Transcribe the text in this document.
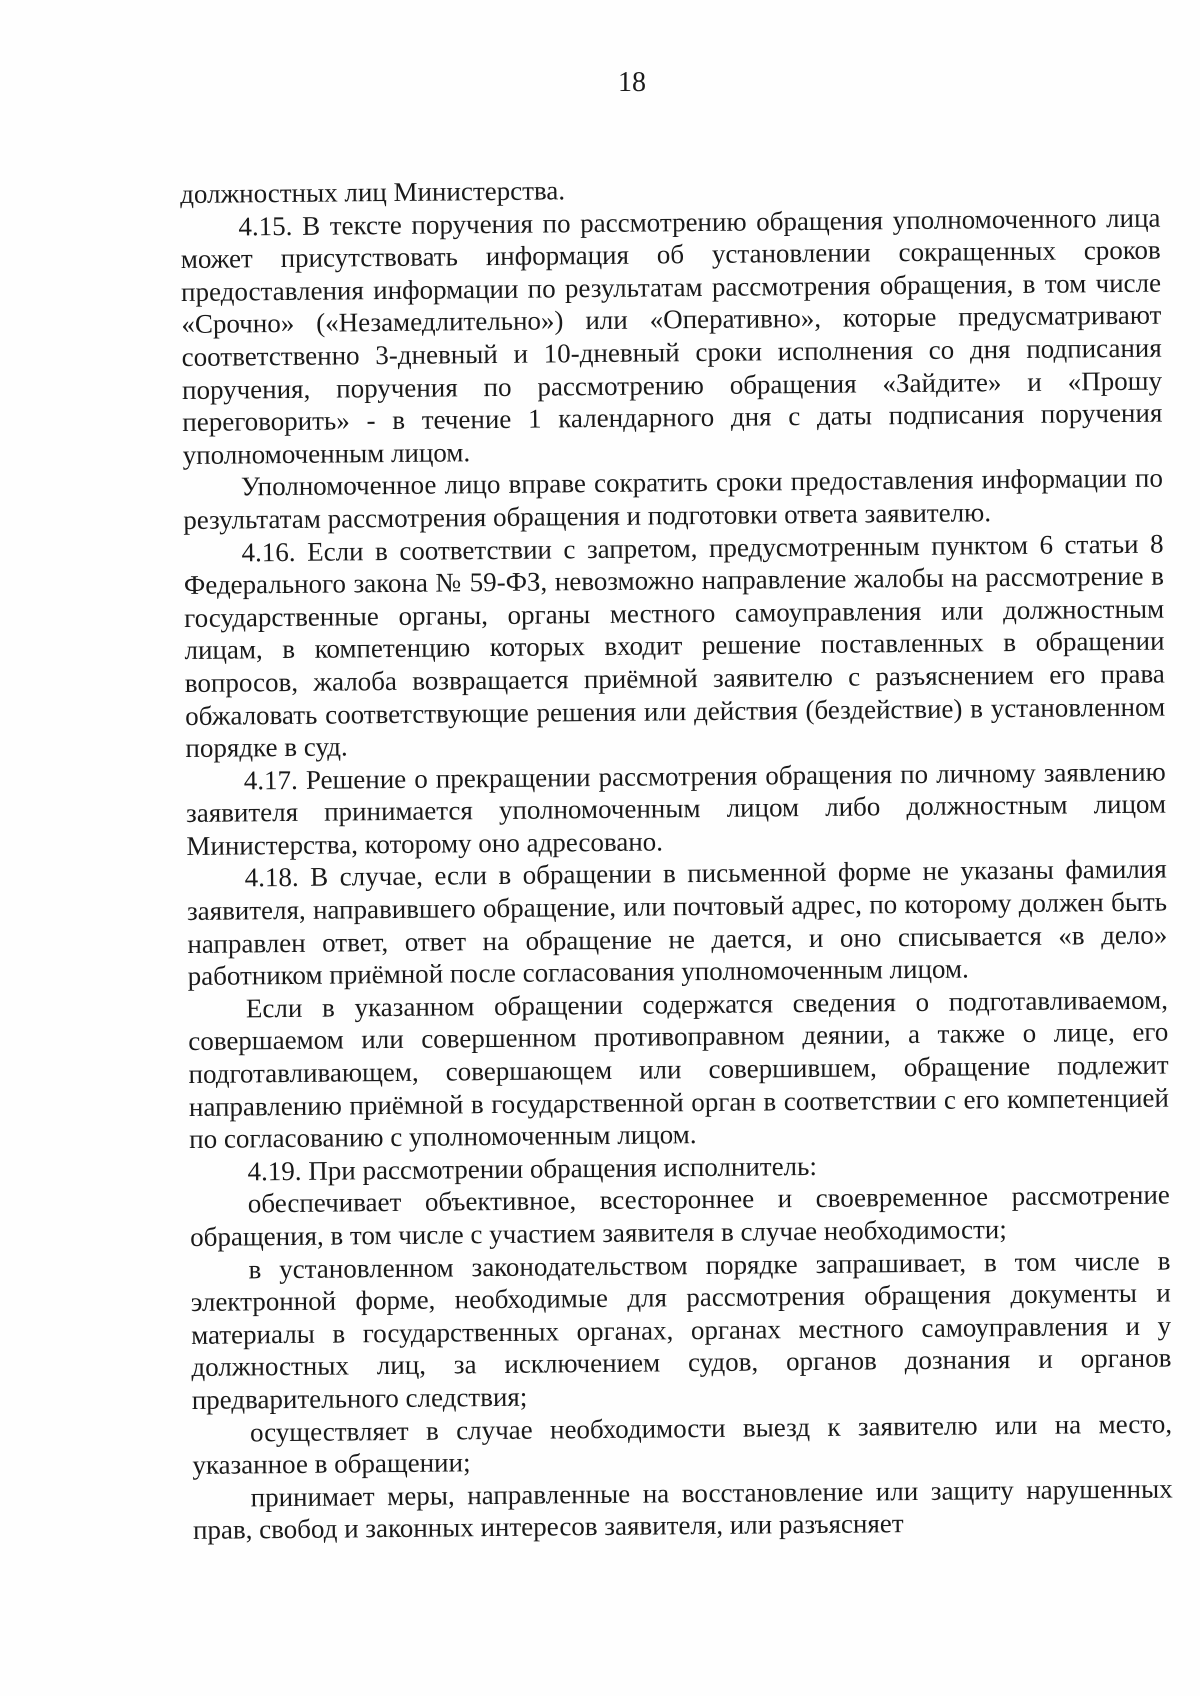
18

должностных лиц Министерства.

4.15. В тексте поручения по рассмотрению обращения уполномоченного лица может присутствовать информация об установлении сокращенных сроков предоставления информации по результатам рассмотрения обращения, в том числе «Срочно» («Незамедлительно») или «Оперативно», которые предусматривают соответственно 3-дневный и 10-дневный сроки исполнения со дня подписания поручения, поручения по рассмотрению обращения «Зайдите» и «Прошу переговорить» - в течение 1 календарного дня с даты подписания поручения уполномоченным лицом.

Уполномоченное лицо вправе сократить сроки предоставления информации по результатам рассмотрения обращения и подготовки ответа заявителю.

4.16. Если в соответствии с запретом, предусмотренным пунктом 6 статьи 8 Федерального закона № 59-ФЗ, невозможно направление жалобы на рассмотрение в государственные органы, органы местного самоуправления или должностным лицам, в компетенцию которых входит решение поставленных в обращении вопросов, жалоба возвращается приёмной заявителю с разъяснением его права обжаловать соответствующие решения или действия (бездействие) в установленном порядке в суд.

4.17. Решение о прекращении рассмотрения обращения по личному заявлению заявителя принимается уполномоченным лицом либо должностным лицом Министерства, которому оно адресовано.

4.18. В случае, если в обращении в письменной форме не указаны фамилия заявителя, направившего обращение, или почтовый адрес, по которому должен быть направлен ответ, ответ на обращение не дается, и оно списывается «в дело» работником приёмной после согласования уполномоченным лицом.

Если в указанном обращении содержатся сведения о подготавливаемом, совершаемом или совершенном противоправном деянии, а также о лице, его подготавливающем, совершающем или совершившем, обращение подлежит направлению приёмной в государственной орган в соответствии с его компетенцией по согласованию с уполномоченным лицом.

4.19. При рассмотрении обращения исполнитель:

обеспечивает объективное, всестороннее и своевременное рассмотрение обращения, в том числе с участием заявителя в случае необходимости;

в установленном законодательством порядке запрашивает, в том числе в электронной форме, необходимые для рассмотрения обращения документы и материалы в государственных органах, органах местного самоуправления и у должностных лиц, за исключением судов, органов дознания и органов предварительного следствия;

осуществляет в случае необходимости выезд к заявителю или на место, указанное в обращении;

принимает меры, направленные на восстановление или защиту нарушенных прав, свобод и законных интересов заявителя, или разъясняет
